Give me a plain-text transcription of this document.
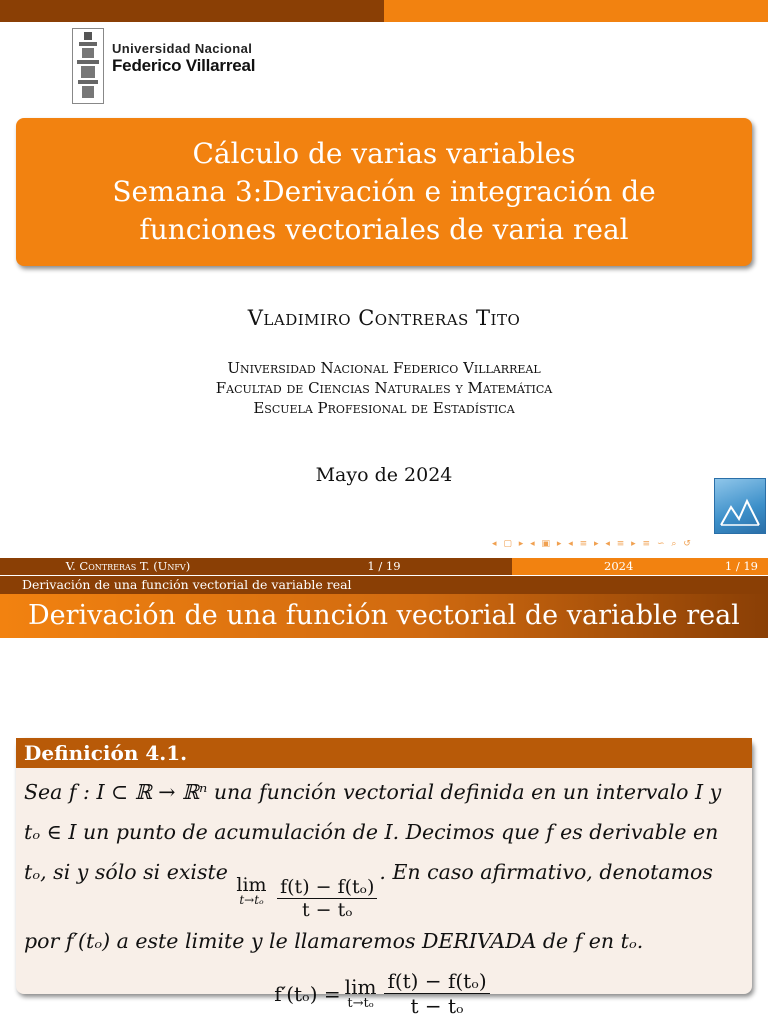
Universidad Nacional
Federico Villarreal
Cálculo de varias variables
Semana 3:Derivación e integración de
funciones vectoriales de varia real
Vladimiro Contreras Tito
Universidad Nacional Federico Villarreal
Facultad de Ciencias Naturales y Matemática
Escuela Profesional de Estadística
Mayo de 2024
◂ ▢ ▸ ◂ ▣ ▸ ◂ ≡ ▸ ◂ ≡ ▸ ≡ ∽ ⌕ ↺
V. Contreras T. (Unfv)	1 / 19	2024	1 / 19
Derivación de una función vectorial de variable real
Derivación de una función vectorial de variable real
Definición 4.1.
Sea f : I ⊂ ℝ → ℝⁿ una función vectorial definida en un intervalo I y
tₒ ∈ I un punto de acumulación de I. Decimos que f es derivable en
tₒ, si y sólo si existe
lim
t→tₒ
$\frac{\text{f(t) − f(tₒ)}}{\text{t − tₒ}}$
. En caso afirmativo, denotamos
por f′(tₒ) a este limite y le llamaremos DERIVADA de f en tₒ.
f′(tₒ) = lim
$t\to t_o \frac{\text{f(t) − f(tₒ)}}{\text{t − tₒ}}$
